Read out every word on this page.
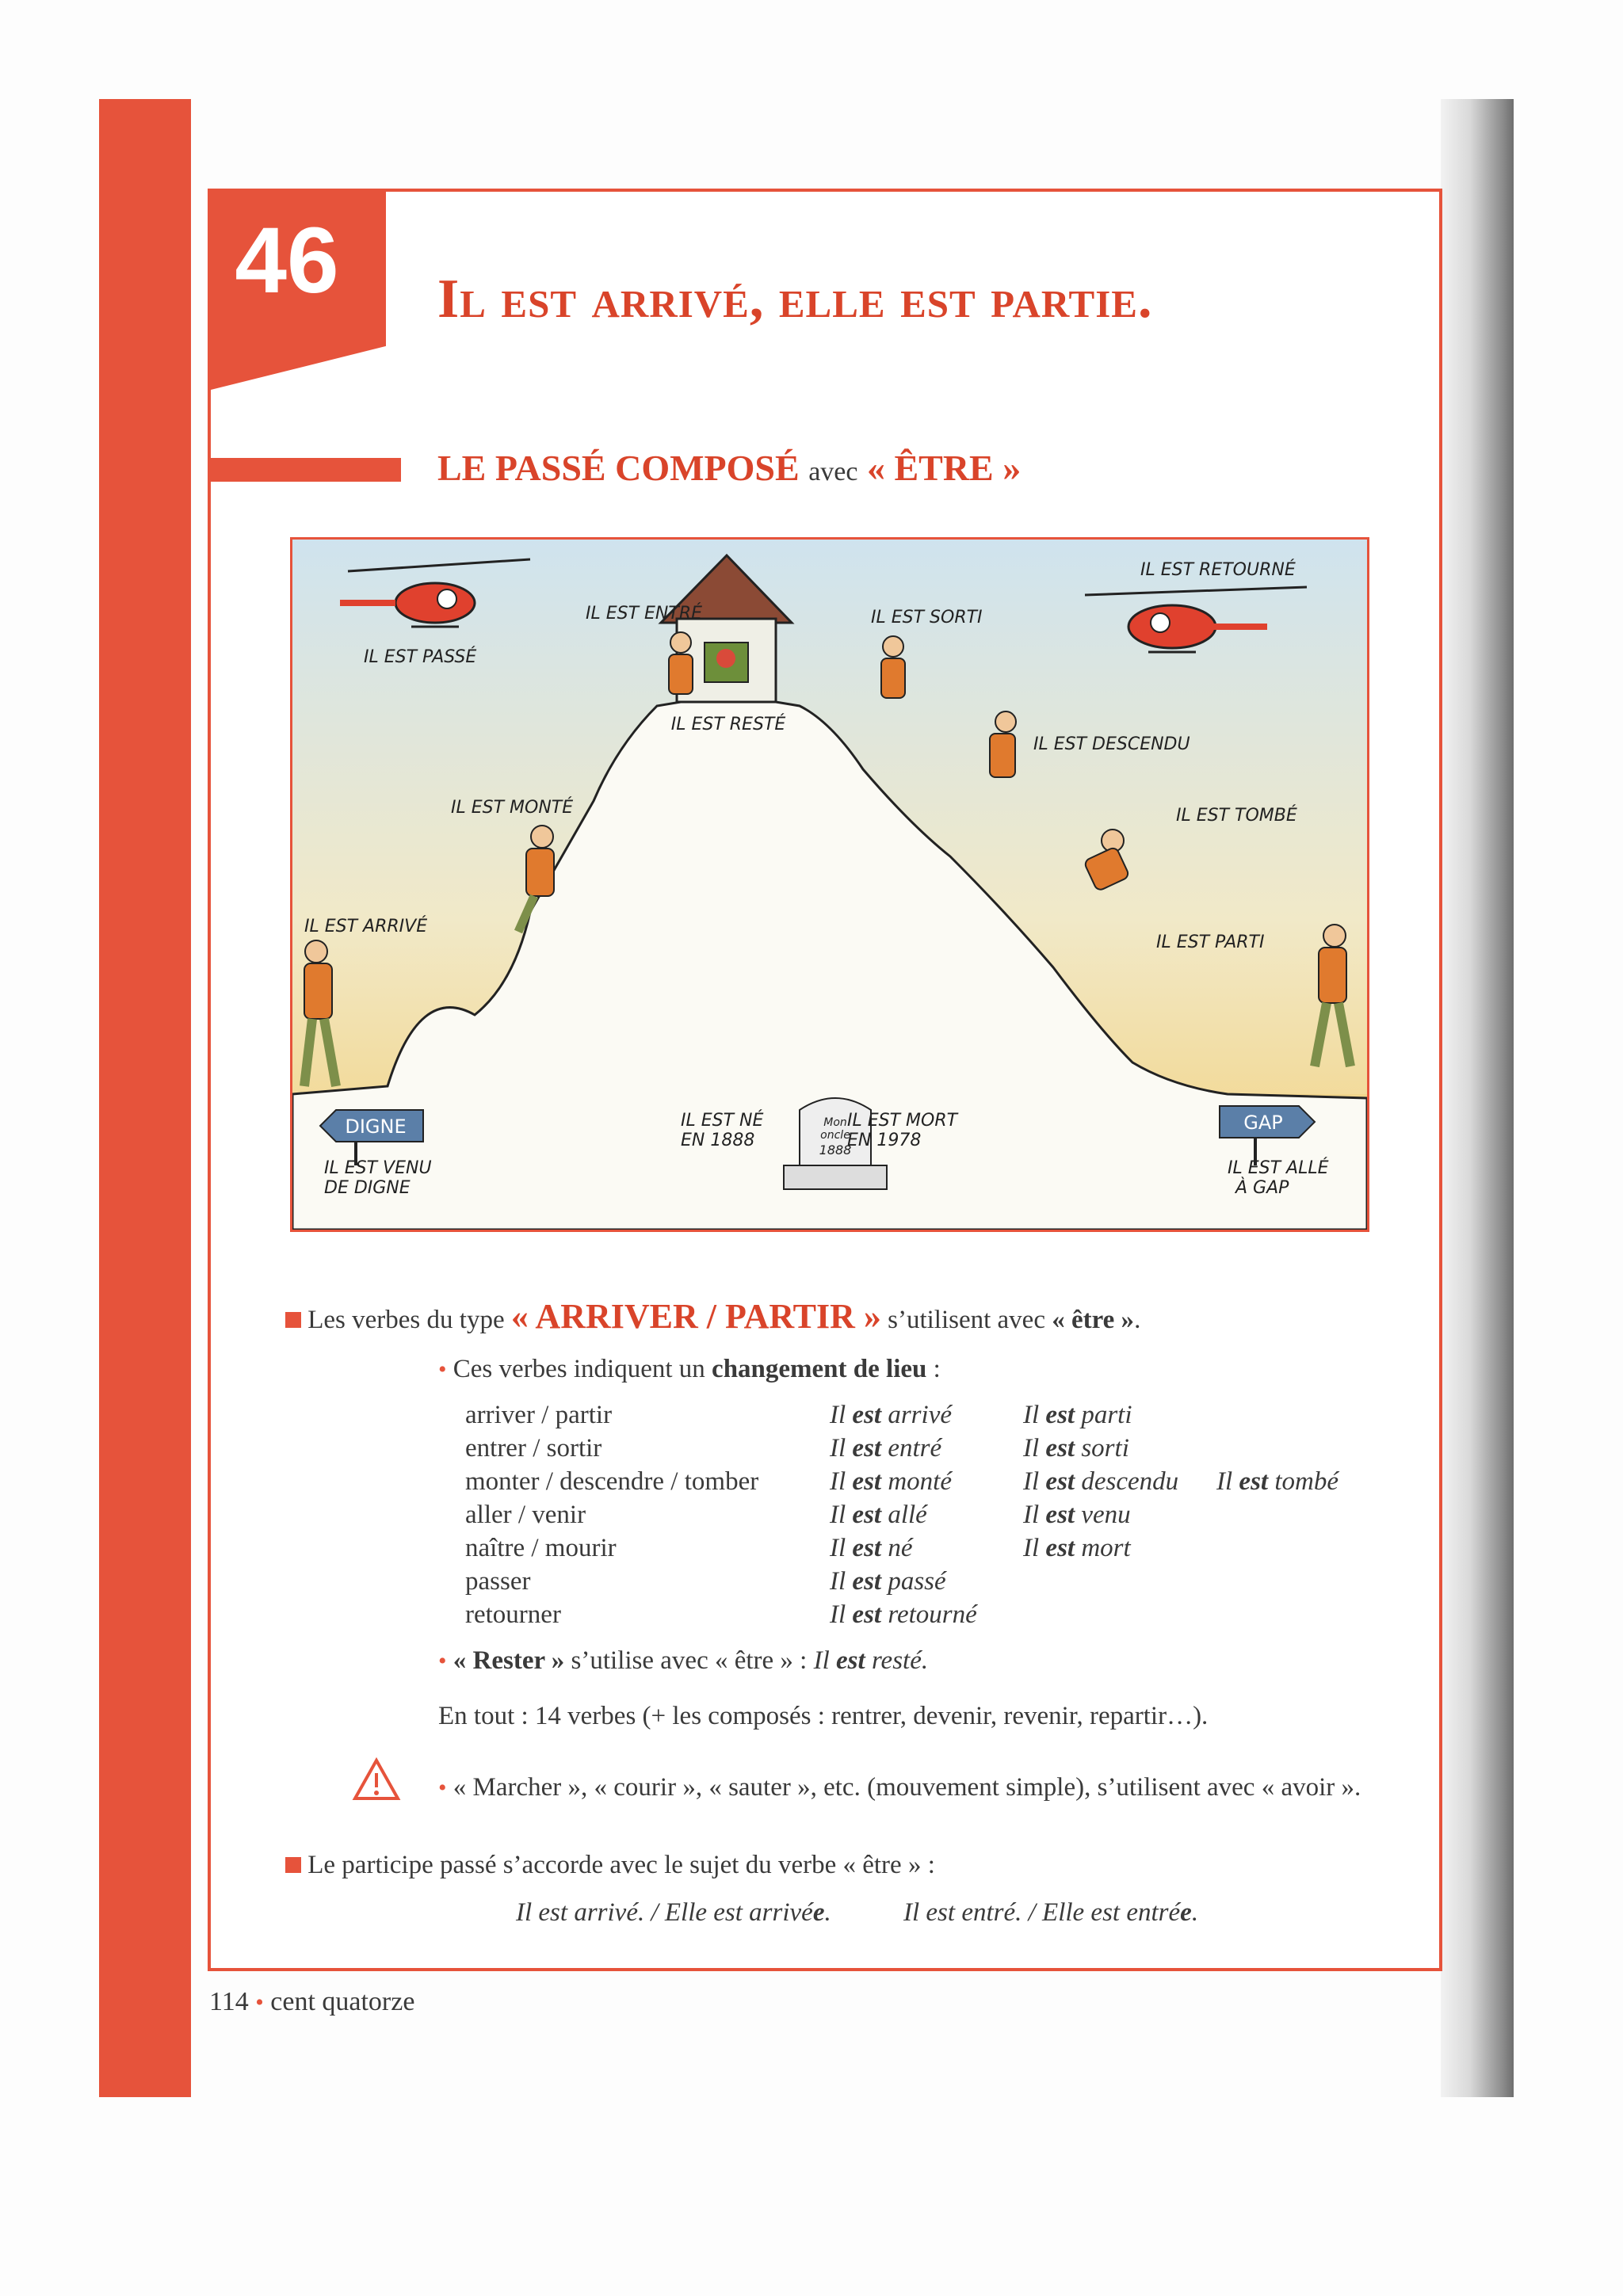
46	Il est arrivé, elle est partie.
LE PASSÉ COMPOSÉ avec « ÊTRE »
Mon
oncle
1888
DIGNE	GAP
IL EST PASSÉ
IL EST ENTRÉ	IL EST SORTI
IL EST RETOURNÉ
IL EST RESTÉ
IL EST DESCENDU
IL EST MONTÉ	IL EST TOMBÉ
IL EST ARRIVÉ
IL EST PARTI
IL EST NÉ
EN 1888
IL EST MORT
EN 1978
IL EST VENU
DE DIGNE
IL EST ALLÉ
À GAP
Les verbes du type « ARRIVER / PARTIR » s’utilisent avec « être ».
• Ces verbes indiquent un changement de lieu :
arriver / partir	Il est arrivé	Il est parti
entrer / sortir	Il est entré	Il est sorti
monter / descendre / tomber	Il est monté	Il est descendu	Il est tombé
aller / venir	Il est allé	Il est venu
naître / mourir	Il est né	Il est mort
passer	Il est passé
retourner	Il est retourné
• « Rester » s’utilise avec « être » : Il est resté.
En tout : 14 verbes (+ les composés : rentrer, devenir, revenir, repartir…).
• « Marcher », « courir », « sauter », etc. (mouvement simple), s’utilisent avec « avoir ».
Le participe passé s’accorde avec le sujet du verbe « être » :
Il est arrivé. / Elle est arrivée.	Il est entré. / Elle est entrée.
114 • cent quatorze
